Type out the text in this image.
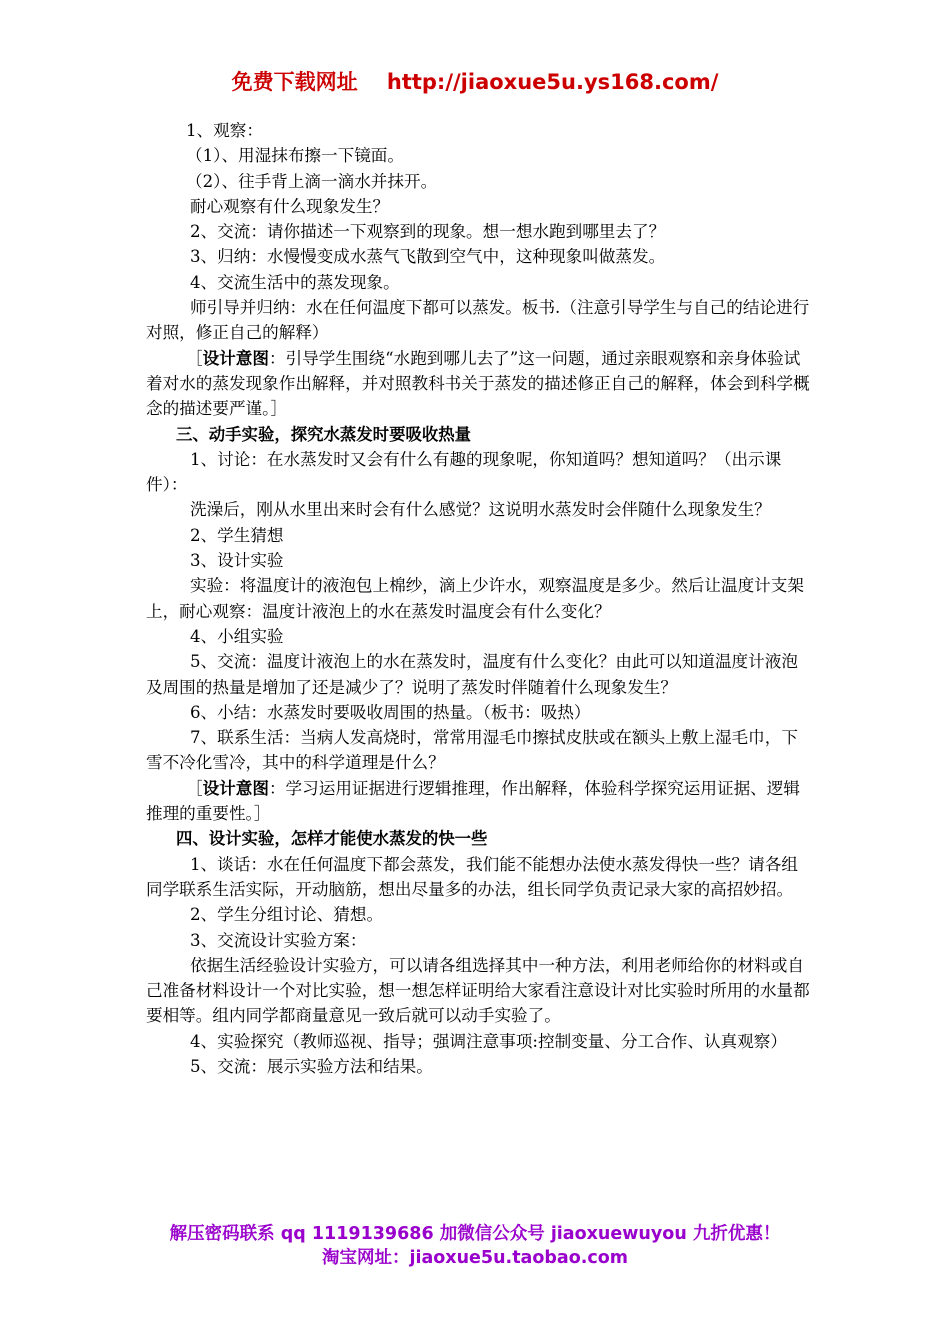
免费下载网址 http://jiaoxue5u.ys168.com/

1、观察：

（1）、用湿抹布擦一下镜面。

（2）、往手背上滴一滴水并抹开。

耐心观察有什么现象发生？

2、交流：请你描述一下观察到的现象。想一想水跑到哪里去了？

3、归纳：水慢慢变成水蒸气飞散到空气中，这种现象叫做蒸发。

4、交流生活中的蒸发现象。

师引导并归纳：水在任何温度下都可以蒸发。板书.（注意引导学生与自己的结论进行对照，修正自己的解释）

［设计意图：引导学生围绕“水跑到哪儿去了”这一问题，通过亲眼观察和亲身体验试着对水的蒸发现象作出解释，并对照教科书关于蒸发的描述修正自己的解释，体会到科学概念的描述要严谨。］

三、动手实验，探究水蒸发时要吸收热量

1、讨论：在水蒸发时又会有什么有趣的现象呢，你知道吗？想知道吗？（出示课件）：

洗澡后，刚从水里出来时会有什么感觉？这说明水蒸发时会伴随什么现象发生？

2、学生猜想

3、设计实验

实验：将温度计的液泡包上棉纱，滴上少许水，观察温度是多少。然后让温度计支架上，耐心观察：温度计液泡上的水在蒸发时温度会有什么变化？

4、小组实验

5、交流：温度计液泡上的水在蒸发时，温度有什么变化？由此可以知道温度计液泡及周围的热量是增加了还是减少了？说明了蒸发时伴随着什么现象发生？

6、小结：水蒸发时要吸收周围的热量。（板书：吸热）

7、联系生活：当病人发高烧时，常常用湿毛巾擦拭皮肤或在额头上敷上湿毛巾，下雪不冷化雪冷，其中的科学道理是什么？

［设计意图：学习运用证据进行逻辑推理，作出解释，体验科学探究运用证据、逻辑推理的重要性。］

四、设计实验，怎样才能使水蒸发的快一些

1、谈话：水在任何温度下都会蒸发，我们能不能想办法使水蒸发得快一些？请各组同学联系生活实际，开动脑筋，想出尽量多的办法，组长同学负责记录大家的高招妙招。

2、学生分组讨论、猜想。

3、交流设计实验方案：

依据生活经验设计实验方，可以请各组选择其中一种方法，利用老师给你的材料或自己准备材料设计一个对比实验，想一想怎样证明给大家看注意设计对比实验时所用的水量都要相等。组内同学都商量意见一致后就可以动手实验了。

4、实验探究（教师巡视、指导；强调注意事项:控制变量、分工合作、认真观察）

5、交流：展示实验方法和结果。

解压密码联系 qq 1119139686 加微信公众号 jiaoxuewuyou 九折优惠！
淘宝网址：jiaoxue5u.taobao.com
